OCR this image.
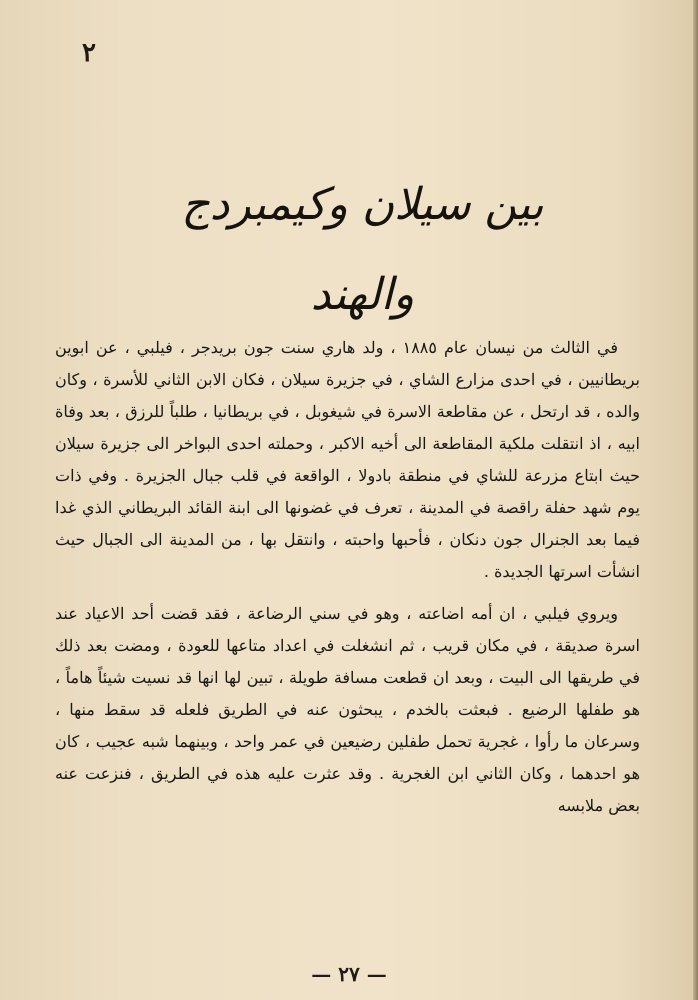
٢
بين سيلان وكيمبردج والهند

في الثالث من نيسان عام ١٨٨٥ ، ولد هاري سنت جون بريدجر ، فيلبي ، عن ابوين بريطانيين ، في احدى مزارع الشاي ، في جزيرة سيلان ، فكان الابن الثاني للأسرة ، وكان والده ، قد ارتحل ، عن مقاطعة الاسرة في شيغوبل ، في بريطانيا ، طلباً للرزق ، بعد وفاة ابيه ، اذ انتقلت ملكية المقاطعة الى أخيه الاكبر ، وحملته احدى البواخر الى جزيرة سيلان حيث ابتاع مزرعة للشاي في منطقة بادولا ، الواقعة في قلب جبال الجزيرة . وفي ذات يوم شهد حفلة راقصة في المدينة ، تعرف في غضونها الى ابنة القائد البريطاني الذي غدا فيما بعد الجنرال جون دنكان ، فأحبها واحبته ، وانتقل بها ، من المدينة الى الجبال حيث انشأت اسرتها الجديدة .

ويروي فيلبي ، ان أمه اضاعته ، وهو في سني الرضاعة ، فقد قضت أحد الاعياد عند اسرة صديقة ، في مكان قريب ، ثم انشغلت في اعداد متاعها للعودة ، ومضت بعد ذلك في طريقها الى البيت ، وبعد ان قطعت مسافة طويلة ، تبين لها انها قد نسيت شيئاً هاماً ، هو طفلها الرضيع . فبعثت بالخدم ، يبحثون عنه في الطريق فلعله قد سقط منها ، وسرعان ما رأوا ، غجرية تحمل طفلين رضيعين في عمر واحد ، وبينهما شبه عجيب ، كان هو احدهما ، وكان الثاني ابن الغجرية . وقد عثرت عليه هذه في الطريق ، فنزعت عنه بعض ملابسه

— ٢٧ —
